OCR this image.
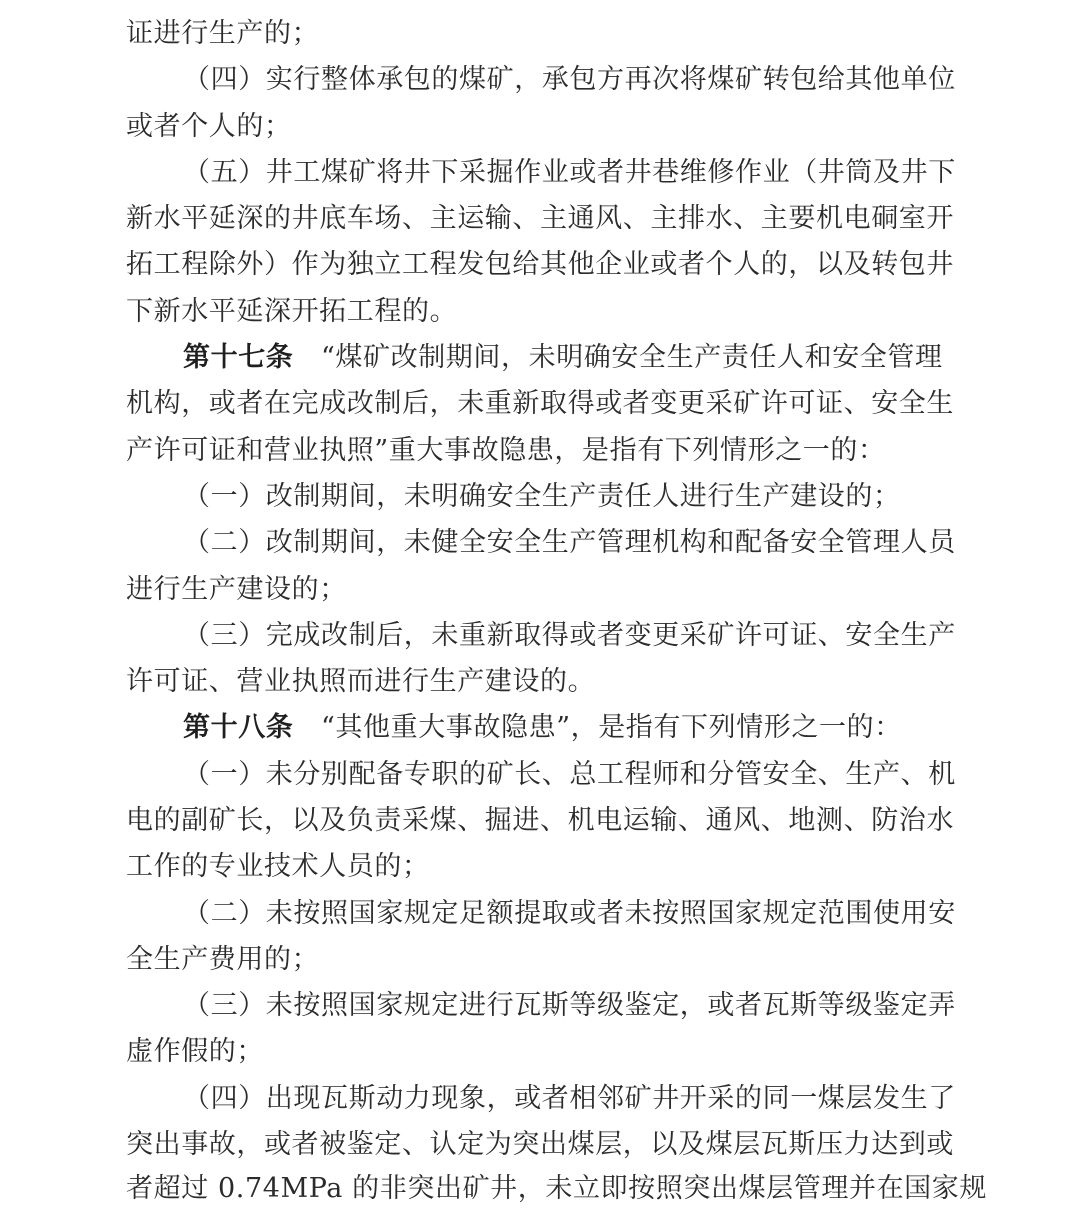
证进行生产的；
（四）实行整体承包的煤矿，承包方再次将煤矿转包给其他单位
或者个人的；
（五）井工煤矿将井下采掘作业或者井巷维修作业（井筒及井下
新水平延深的井底车场、主运输、主通风、主排水、主要机电硐室开
拓工程除外）作为独立工程发包给其他企业或者个人的，以及转包井
下新水平延深开拓工程的。
第十七条　“煤矿改制期间，未明确安全生产责任人和安全管理
机构，或者在完成改制后，未重新取得或者变更采矿许可证、安全生
产许可证和营业执照”重大事故隐患，是指有下列情形之一的：
（一）改制期间，未明确安全生产责任人进行生产建设的；
（二）改制期间，未健全安全生产管理机构和配备安全管理人员
进行生产建设的；
（三）完成改制后，未重新取得或者变更采矿许可证、安全生产
许可证、营业执照而进行生产建设的。
第十八条　“其他重大事故隐患”，是指有下列情形之一的：
（一）未分别配备专职的矿长、总工程师和分管安全、生产、机
电的副矿长，以及负责采煤、掘进、机电运输、通风、地测、防治水
工作的专业技术人员的；
（二）未按照国家规定足额提取或者未按照国家规定范围使用安
全生产费用的；
（三）未按照国家规定进行瓦斯等级鉴定，或者瓦斯等级鉴定弄
虚作假的；
（四）出现瓦斯动力现象，或者相邻矿井开采的同一煤层发生了
突出事故，或者被鉴定、认定为突出煤层，以及煤层瓦斯压力达到或
者超过 0.74MPa 的非突出矿井，未立即按照突出煤层管理并在国家规
